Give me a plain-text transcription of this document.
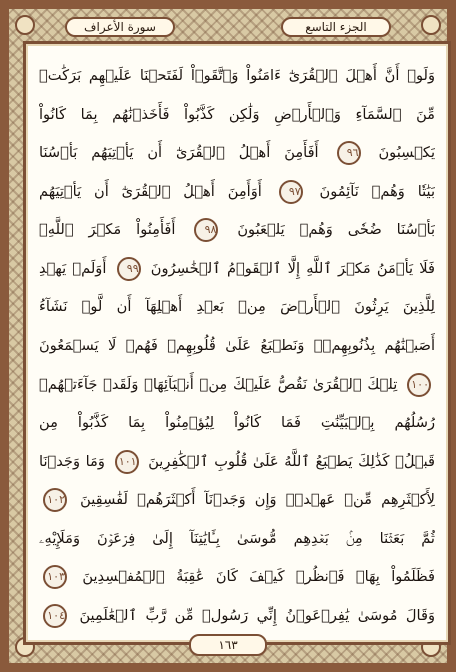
سورة الأعراف	الجزء التاسع
وَلَوۡ أَنَّ أَهۡلَ ٱلۡقُرَىٰٓ ءَامَنُواْ وَٱتَّقَوۡاْ لَفَتَحۡنَا عَلَيۡهِم بَرَكَٰتٖ
مِّنَ ٱلسَّمَآءِ وَٱلۡأَرۡضِ وَلَٰكِن كَذَّبُواْ فَأَخَذۡنَٰهُم بِمَا كَانُواْ
يَكۡسِبُونَ ٩٦ أَفَأَمِنَ أَهۡلُ ٱلۡقُرَىٰٓ أَن يَأۡتِيَهُم بَأۡسُنَا
بَيَٰتٗا وَهُمۡ نَآئِمُونَ ٩٧ أَوَأَمِنَ أَهۡلُ ٱلۡقُرَىٰٓ أَن يَأۡتِيَهُم
بَأۡسُنَا ضُحٗى وَهُمۡ يَلۡعَبُونَ ٩٨ أَفَأَمِنُواْ مَكۡرَ ٱللَّهِۚ
فَلَا يَأۡمَنُ مَكۡرَ ٱللَّهِ إِلَّا ٱلۡقَوۡمُ ٱلۡخَٰسِرُونَ ٩٩ أَوَلَمۡ يَهۡدِ
لِلَّذِينَ يَرِثُونَ ٱلۡأَرۡضَ مِنۢ بَعۡدِ أَهۡلِهَآ أَن لَّوۡ نَشَآءُ
أَصَبۡنَٰهُم بِذُنُوبِهِمۡۚ وَنَطۡبَعُ عَلَىٰ قُلُوبِهِمۡ فَهُمۡ لَا يَسۡمَعُونَ
١٠٠ تِلۡكَ ٱلۡقُرَىٰ نَقُصُّ عَلَيۡكَ مِنۡ أَنۢبَآئِهَاۚ وَلَقَدۡ جَآءَتۡهُمۡ
رُسُلُهُم بِٱلۡبَيِّنَٰتِ فَمَا كَانُواْ لِيُؤۡمِنُواْ بِمَا كَذَّبُواْ مِن
قَبۡلُۚ كَذَٰلِكَ يَطۡبَعُ ٱللَّهُ عَلَىٰ قُلُوبِ ٱلۡكَٰفِرِينَ ١٠١ وَمَا وَجَدۡنَا
لِأَكۡثَرِهِم مِّنۡ عَهۡدٖۖ وَإِن وَجَدۡنَآ أَكۡثَرَهُمۡ لَفَٰسِقِينَ ١٠٢
ثُمَّ بَعَثۡنَا مِنۢ بَعۡدِهِم مُّوسَىٰ بِـَٔايَٰتِنَآ إِلَىٰ فِرۡعَوۡنَ وَمَلَإِيْهِۦ
فَظَلَمُواْ بِهَاۖ فَٱنظُرۡ كَيۡفَ كَانَ عَٰقِبَةُ ٱلۡمُفۡسِدِينَ ١٠٣
وَقَالَ مُوسَىٰ يَٰفِرۡعَوۡنُ إِنِّي رَسُولٞ مِّن رَّبِّ ٱلۡعَٰلَمِينَ ١٠٤
١٦٣
